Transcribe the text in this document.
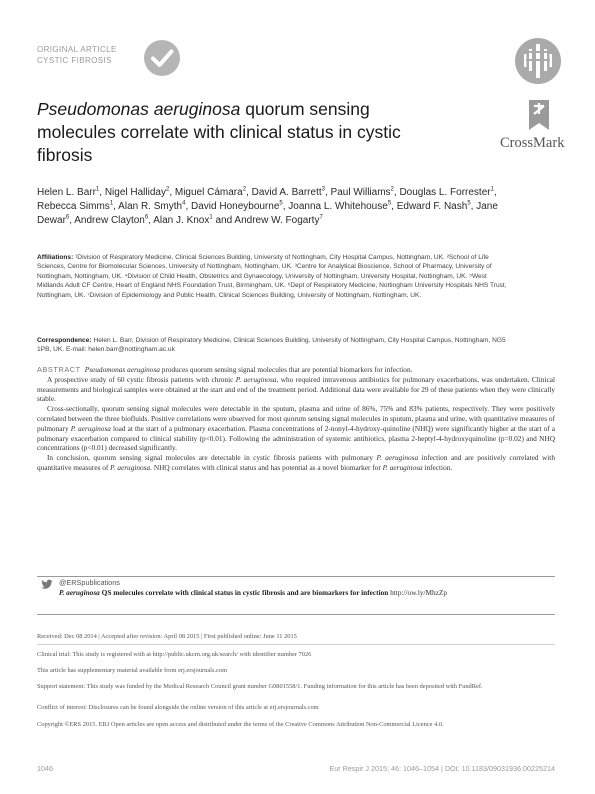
ORIGINAL ARTICLE
CYSTIC FIBROSIS
CrossMark
Pseudomonas aeruginosa quorum sensing molecules correlate with clinical status in cystic fibrosis
Helen L. Barr$^1$, Nigel Halliday$^2$, Miguel Cámara$^2$, David A. Barrett$^3$, Paul Williams$^2$, Douglas L. Forrester$^1$, Rebecca Simms$^1$, Alan R. Smyth$^4$, David Honeybourne$^5$, Joanna L. Whitehouse$^5$, Edward F. Nash$^5$, Jane Dewar$^6$, Andrew Clayton$^6$, Alan J. Knox$^1$ and Andrew W. Fogarty$^7$
Affiliations: ¹Division of Respiratory Medicine, Clinical Sciences Building, University of Nottingham, City Hospital Campus, Nottingham, UK. ²School of Life Sciences, Centre for Biomolecular Sciences, University of Nottingham, Nottingham, UK. ³Centre for Analytical Bioscience, School of Pharmacy, University of Nottingham, Nottingham, UK. ⁴Division of Child Health, Obstetrics and Gynaecology, University of Nottingham, University Hospital, Nottingham, UK. ⁵West Midlands Adult CF Centre, Heart of England NHS Foundation Trust, Birmingham, UK. ⁶Dept of Respiratory Medicine, Nottingham University Hospitals NHS Trust, Nottingham, UK. ⁷Division of Epidemiology and Public Health, Clinical Sciences Building, University of Nottingham, Nottingham, UK.
Correspondence: Helen L. Barr, Division of Respiratory Medicine, Clinical Sciences Building, University of Nottingham, City Hospital Campus, Nottingham, NG5 1PB, UK. E-mail: helen.barr@nottingham.ac.uk

ABSTRACT Pseudomonas aeruginosa produces quorum sensing signal molecules that are potential biomarkers for infection.

A prospective study of 60 cystic fibrosis patients with chronic P. aeruginosa, who required intravenous antibiotics for pulmonary exacerbations, was undertaken. Clinical measurements and biological samples were obtained at the start and end of the treatment period. Additional data were available for 29 of these patients when they were clinically stable.

Cross-sectionally, quorum sensing signal molecules were detectable in the sputum, plasma and urine of 86%, 75% and 83% patients, respectively. They were positively correlated between the three biofluids. Positive correlations were observed for most quorum sensing signal molecules in sputum, plasma and urine, with quantitative measures of pulmonary P. aeruginosa load at the start of a pulmonary exacerbation. Plasma concentrations of 2-nonyl-4-hydroxy-quinoline (NHQ) were significantly higher at the start of a pulmonary exacerbation compared to clinical stability (p<0.01). Following the administration of systemic antibiotics, plasma 2-heptyl-4-hydroxyquinoline (p=0.02) and NHQ concentrations (p<0.01) decreased significantly.

In conclusion, quorum sensing signal molecules are detectable in cystic fibrosis patients with pulmonary P. aeruginosa infection and are positively correlated with quantitative measures of P. aeruginosa. NHQ correlates with clinical status and has potential as a novel biomarker for P. aeruginosa infection.

@ERSpublications
P. aeruginosa QS molecules correlate with clinical status in cystic fibrosis and are biomarkers for infection http://ow.ly/MhzZp
Received: Dec 08 2014 | Accepted after revision: April 08 2015 | First published online: June 11 2015
Clinical trial: This study is registered with at http://public.ukcrn.org.uk/search/ with identifier number 7026
This article has supplementary material available from erj.ersjournals.com
Support statement: This study was funded by the Medical Research Council grant number G0801558/1. Funding information for this article has been deposited with FundRef.
Conflict of interest: Disclosures can be found alongside the online version of this article at erj.ersjournals.com
Copyright ©ERS 2015. ERJ Open articles are open access and distributed under the terms of the Creative Commons Attribution Non-Commercial Licence 4.0.
1046	Eur Respir J 2015; 46: 1046–1054 | DOI: 10.1183/09031936.00225214
